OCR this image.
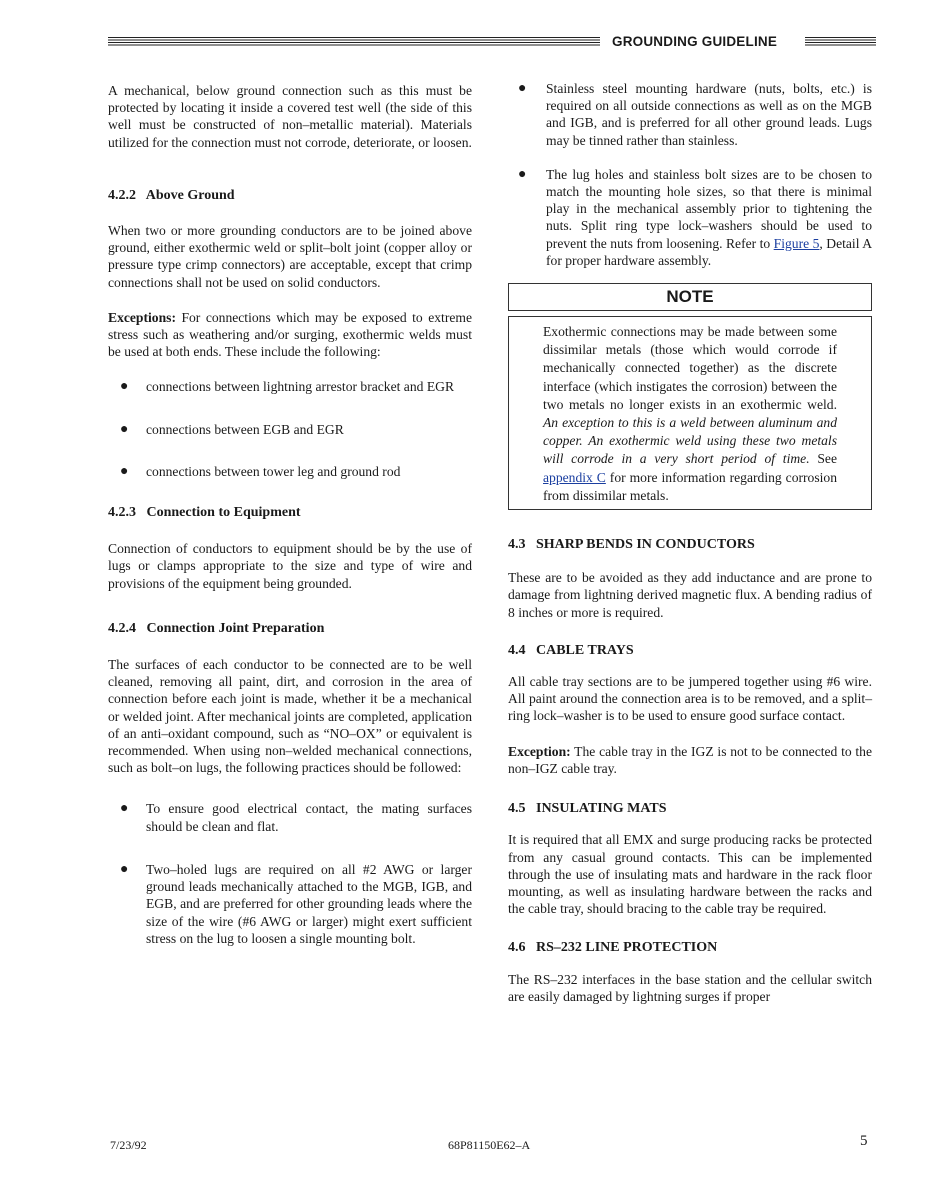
GROUNDING GUIDELINE

A mechanical, below ground connection such as this must be protected by locating it inside a covered test well (the side of this well must be constructed of non–metallic material). Materials utilized for the connection must not corrode, deteriorate, or loosen.

4.2.2   Above Ground

When two or more grounding conductors are to be joined above ground, either exothermic weld or split–bolt joint (copper alloy or pressure type crimp connectors) are acceptable, except that crimp connections shall not be used on solid conductors.

Exceptions: For connections which may be exposed to extreme stress such as weathering and/or surging, exothermic welds must be used at both ends. These include the following:

● connections between lightning arrestor bracket and EGR
● connections between EGB and EGR
● connections between tower leg and ground rod
4.2.3   Connection to Equipment

Connection of conductors to equipment should be by the use of lugs or clamps appropriate to the size and type of wire and provisions of the equipment being grounded.

4.2.4   Connection Joint Preparation

The surfaces of each conductor to be connected are to be well cleaned, removing all paint, dirt, and corrosion in the area of connection before each joint is made, whether it be a mechanical or welded joint. After mechanical joints are completed, application of an anti–oxidant compound, such as “NO–OX” or equivalent is recommended. When using non–welded mechanical connections, such as bolt–on lugs, the following practices should be followed:

● To ensure good electrical contact, the mating surfaces should be clean and flat.
● Two–holed lugs are required on all #2 AWG or larger ground leads mechanically attached to the MGB, IGB, and EGB, and are preferred for other grounding leads where the size of the wire (#6 AWG or larger) might exert sufficient stress on the lug to loosen a single mounting bolt.
● Stainless steel mounting hardware (nuts, bolts, etc.) is required on all outside connections as well as on the MGB and IGB, and is preferred for all other ground leads. Lugs may be tinned rather than stainless.
● The lug holes and stainless bolt sizes are to be chosen to match the mounting hole sizes, so that there is minimal play in the mechanical assembly prior to tightening the nuts. Split ring type lock–washers should be used to prevent the nuts from loosening. Refer to Figure 5, Detail A for proper hardware assembly.
NOTE

Exothermic connections may be made between some dissimilar metals (those which would corrode if mechanically connected together) as the discrete interface (which instigates the corrosion) between the two metals no longer exists in an exothermic weld. An exception to this is a weld between aluminum and copper. An exothermic weld using these two metals will corrode in a very short period of time. See appendix C for more information regarding corrosion from dissimilar metals.

4.3   SHARP BENDS IN CONDUCTORS

These are to be avoided as they add inductance and are prone to damage from lightning derived magnetic flux. A bending radius of 8 inches or more is required.

4.4   CABLE TRAYS

All cable tray sections are to be jumpered together using #6 wire. All paint around the connection area is to be removed, and a split–ring lock–washer is to be used to ensure good surface contact.

Exception: The cable tray in the IGZ is not to be connected to the non–IGZ cable tray.

4.5   INSULATING MATS

It is required that all EMX and surge producing racks be protected from any casual ground contacts. This can be implemented through the use of insulating mats and hardware in the rack floor mounting, as well as insulating hardware between the racks and the cable tray, should bracing to the cable tray be required.

4.6   RS–232 LINE PROTECTION

The RS–232 interfaces in the base station and the cellular switch are easily damaged by lightning surges if proper

7/23/92	68P81150E62–A	5
